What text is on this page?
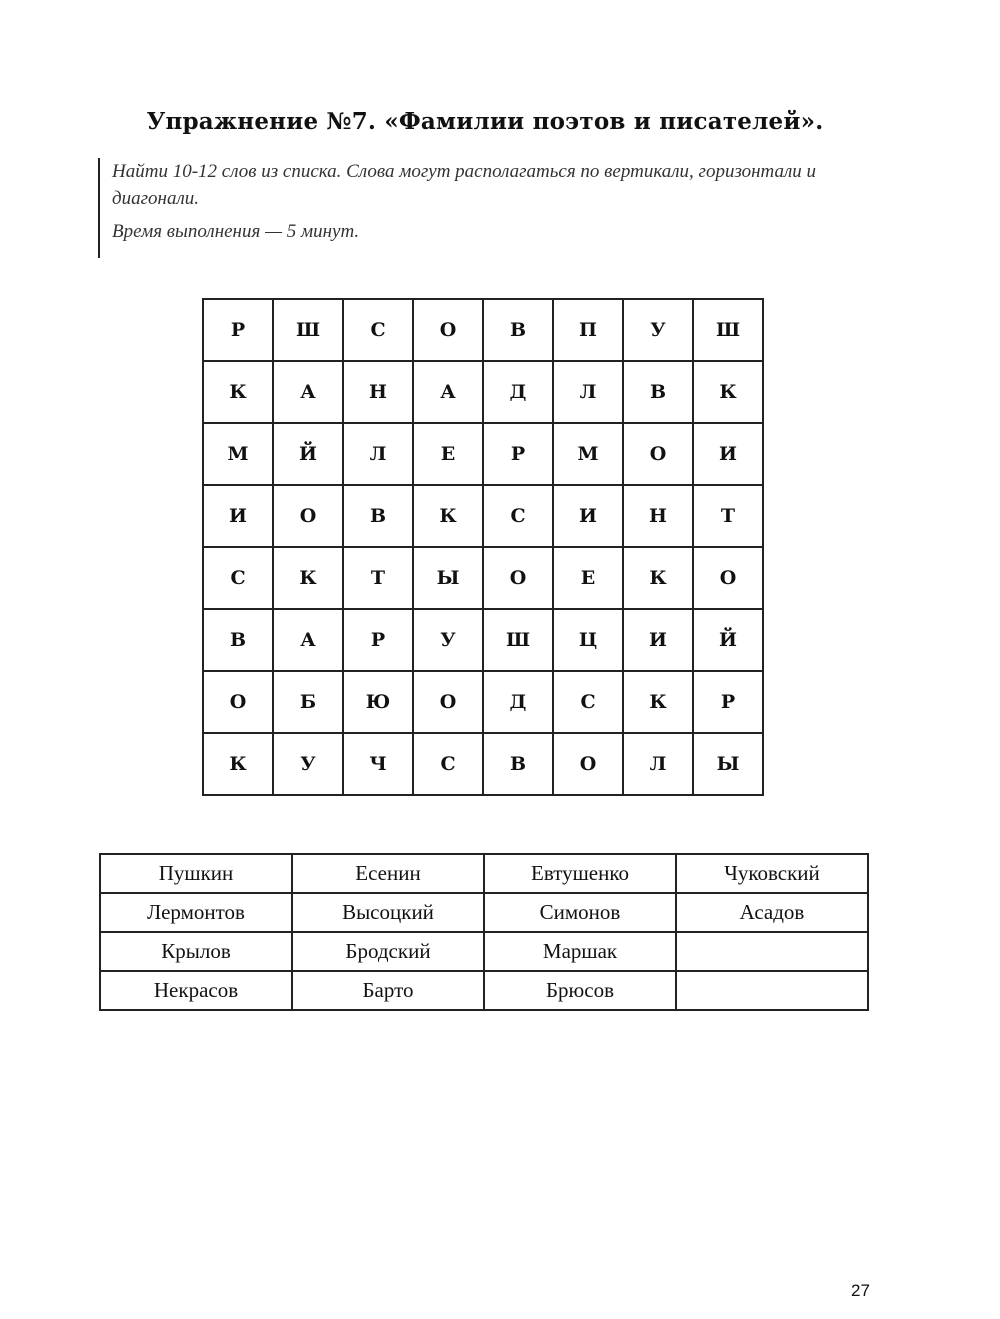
Упражнение №7. «Фамилии поэтов и писателей».

Найти 10-12 слов из списка. Слова могут располагаться по вертикали, горизонтали и диагонали.

Время выполнения — 5 минут.

Р	Ш	С	О	В	П	У	Ш
К	А	Н	А	Д	Л	В	К
М	Й	Л	Е	Р	М	О	И
И	О	В	К	С	И	Н	Т
С	К	Т	Ы	О	Е	К	О
В	А	Р	У	Ш	Ц	И	Й
О	Б	Ю	О	Д	С	К	Р
К	У	Ч	С	В	О	Л	Ы
Пушкин	Есенин	Евтушенко	Чуковский
Лермонтов	Высоцкий	Симонов	Асадов
Крылов	Бродский	Маршак	
Некрасов	Барто	Брюсов	
27
